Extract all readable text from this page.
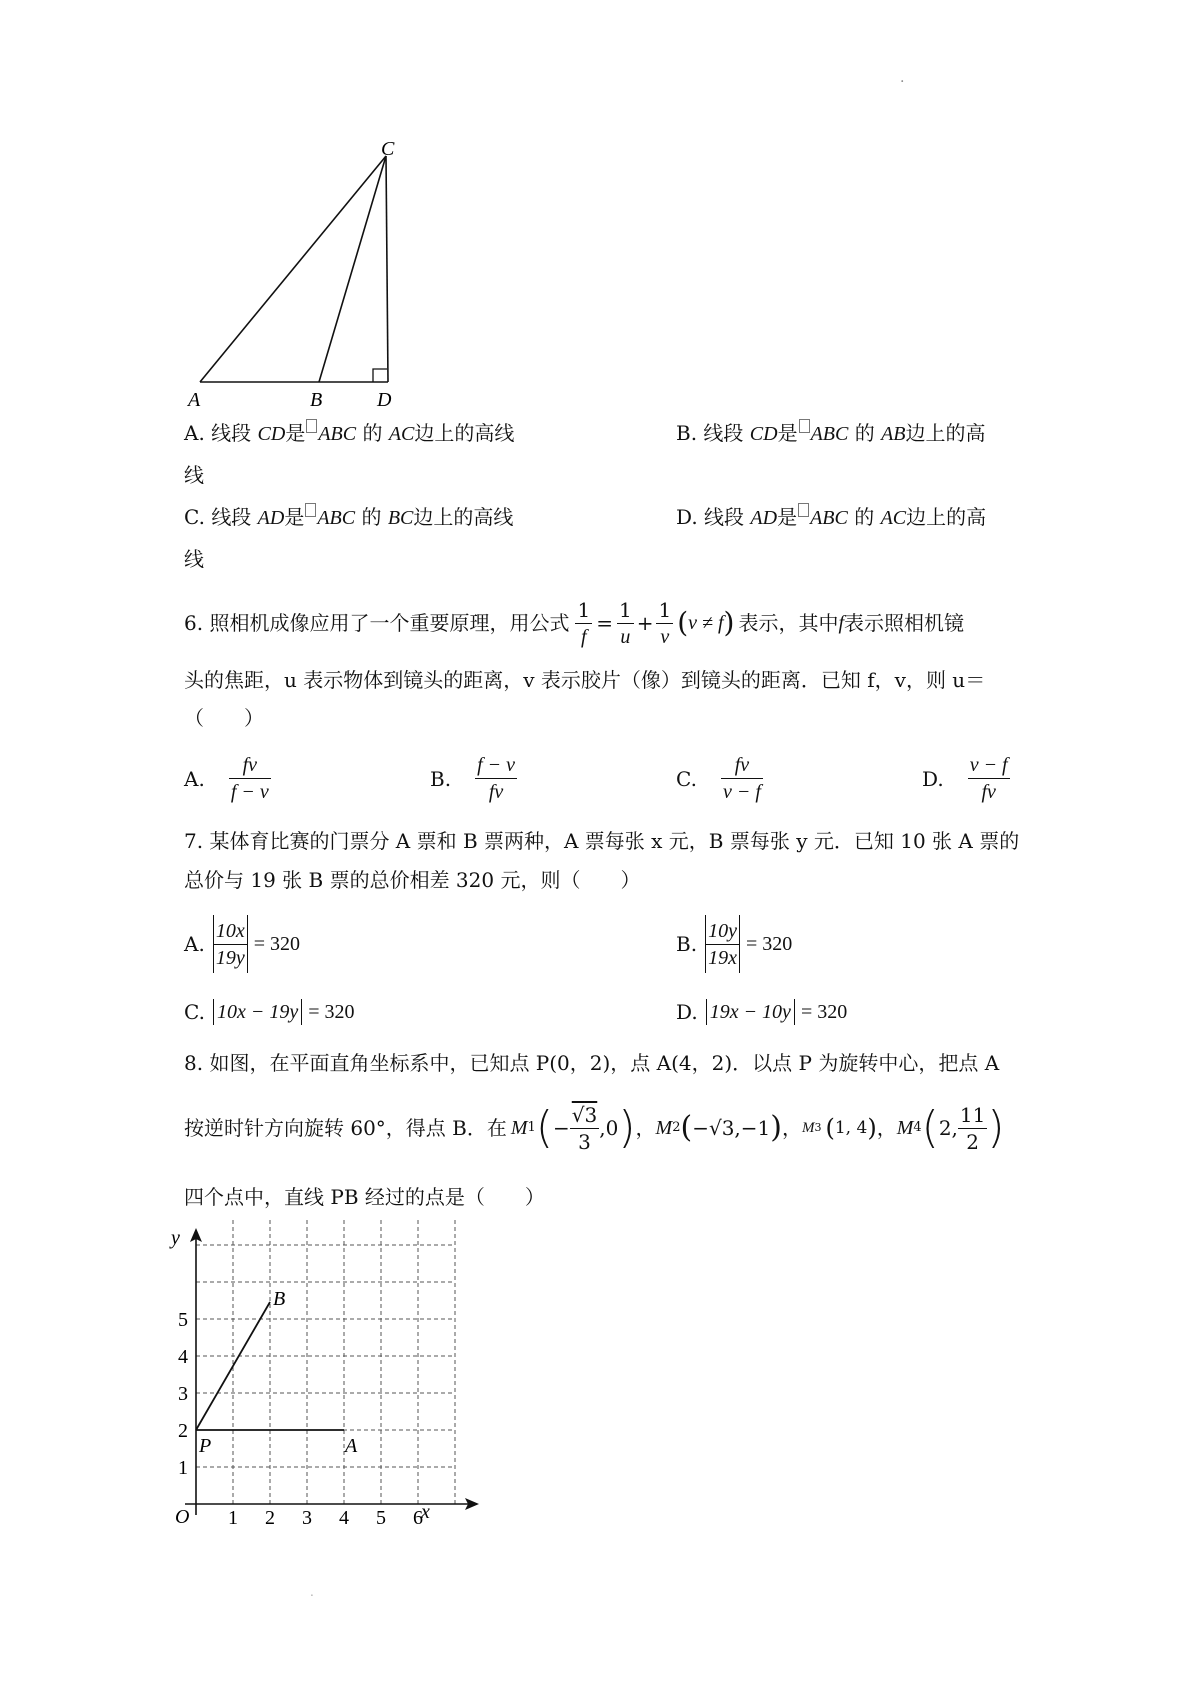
.
C
A	B	D
A. 线段 CD是 ABC 的 AC边上的高线	B. 线段 CD是 ABC 的 AB边上的高
线
C. 线段 AD是 ABC 的 BC边上的高线	D. 线段 AD是 ABC 的 AC边上的高
线
6. 照相机成像应用了一个重要原理，用公式 $\frac{1}{f} = \frac{1}{u} + \frac{1}{v}$ ( v ≠ f ) 表示，其中 f 表示照相机镜
头的焦距，u 表示物体到镜头的距离，v 表示胶片（像）到镜头的距离．已知 f，v，则 u＝
（　　）
A. $\frac{fv}{f - v}$	B. $\frac{f - v}{fv}$	C. $\frac{fv}{v - f}$	D. $\frac{v - f}{fv}$
7. 某体育比赛的门票分 A 票和 B 票两种，A 票每张 x 元，B 票每张 y 元．已知 10 张 A 票的
总价与 19 张 B 票的总价相差 320 元，则（　　）
A. $\frac{10x}{19y} = 320$	B. $\frac{10y}{19x} = 320$
C. 10x − 19y = 320	D. 19x − 10y = 320
8. 如图，在平面直角坐标系中，已知点 P(0，2)，点 A(4，2)．以点 P 为旋转中心，把点 A
按逆时针方向旋转 60°，得点 B．在 M 1 ( − $\frac{√3}{3} ,0$ ) ， M 2 ( −√3,−1 ) ， M 3 ( 1, 4 ) ， M 4 ( 2, $\frac{11}{2}$ )
四个点中，直线 PB 经过的点是（　　）
y
x
O 1 2 3 4 5 6
1
2
3
4
5
P	A
B
.
